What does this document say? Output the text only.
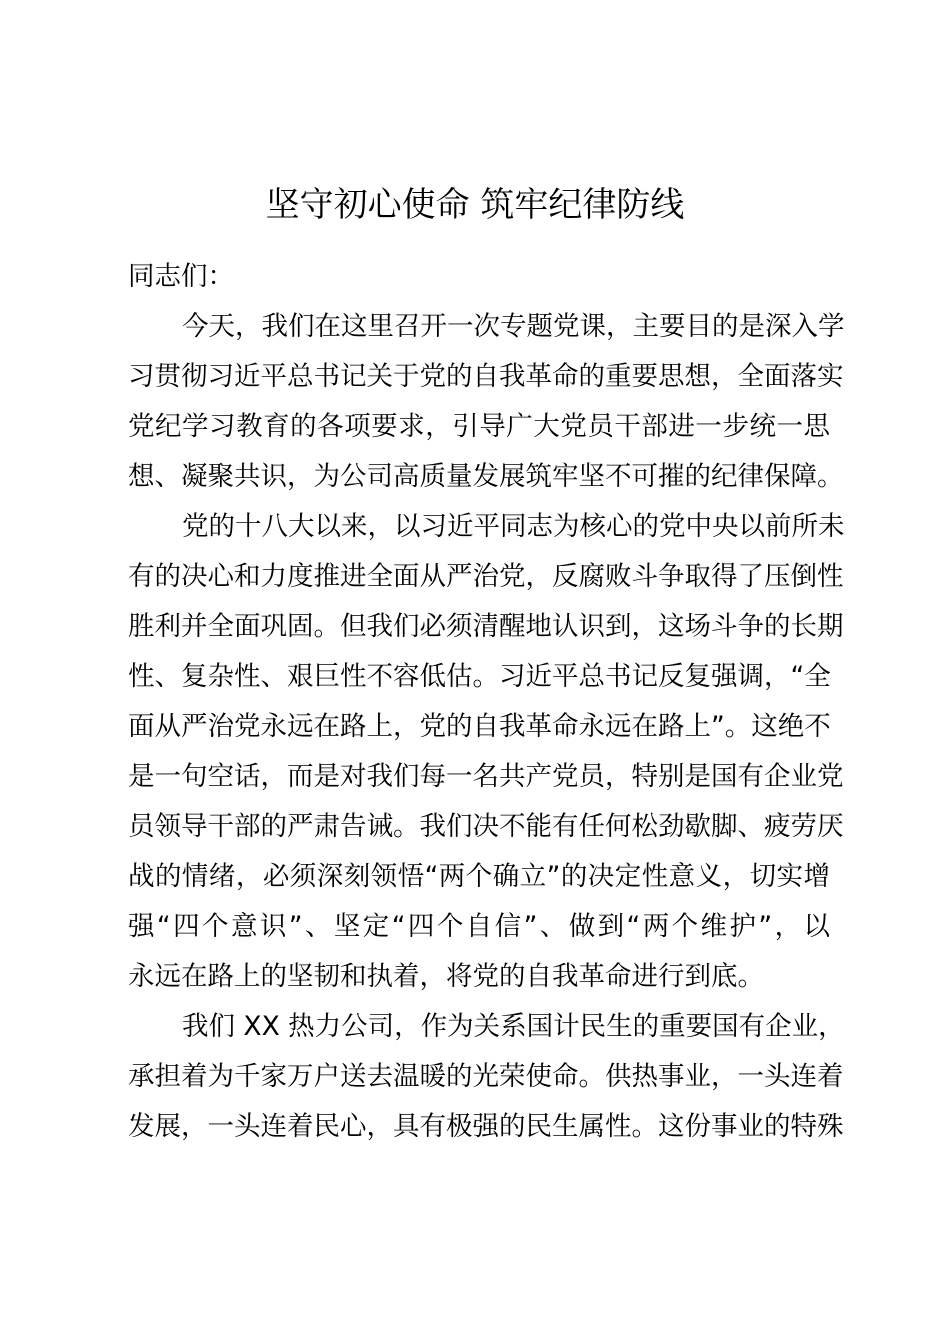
坚守初心使命 筑牢纪律防线
同志们：
今天，我们在这里召开一次专题党课，主要目的是深入学
习贯彻习近平总书记关于党的自我革命的重要思想，全面落实
党纪学习教育的各项要求，引导广大党员干部进一步统一思
想、凝聚共识，为公司高质量发展筑牢坚不可摧的纪律保障。
党的十八大以来，以习近平同志为核心的党中央以前所未
有的决心和力度推进全面从严治党，反腐败斗争取得了压倒性
胜利并全面巩固。但我们必须清醒地认识到，这场斗争的长期
性、复杂性、艰巨性不容低估。习近平总书记反复强调，“全
面从严治党永远在路上，党的自我革命永远在路上”。这绝不
是一句空话，而是对我们每一名共产党员，特别是国有企业党
员领导干部的严肃告诫。我们决不能有任何松劲歇脚、疲劳厌
战的情绪，必须深刻领悟“两个确立”的决定性意义，切实增
强“四个意识”、坚定“四个自信”、做到“两个维护”，以
永远在路上的坚韧和执着，将党的自我革命进行到底。
我们 XX 热力公司，作为关系国计民生的重要国有企业，
承担着为千家万户送去温暖的光荣使命。供热事业，一头连着
发展，一头连着民心，具有极强的民生属性。这份事业的特殊
